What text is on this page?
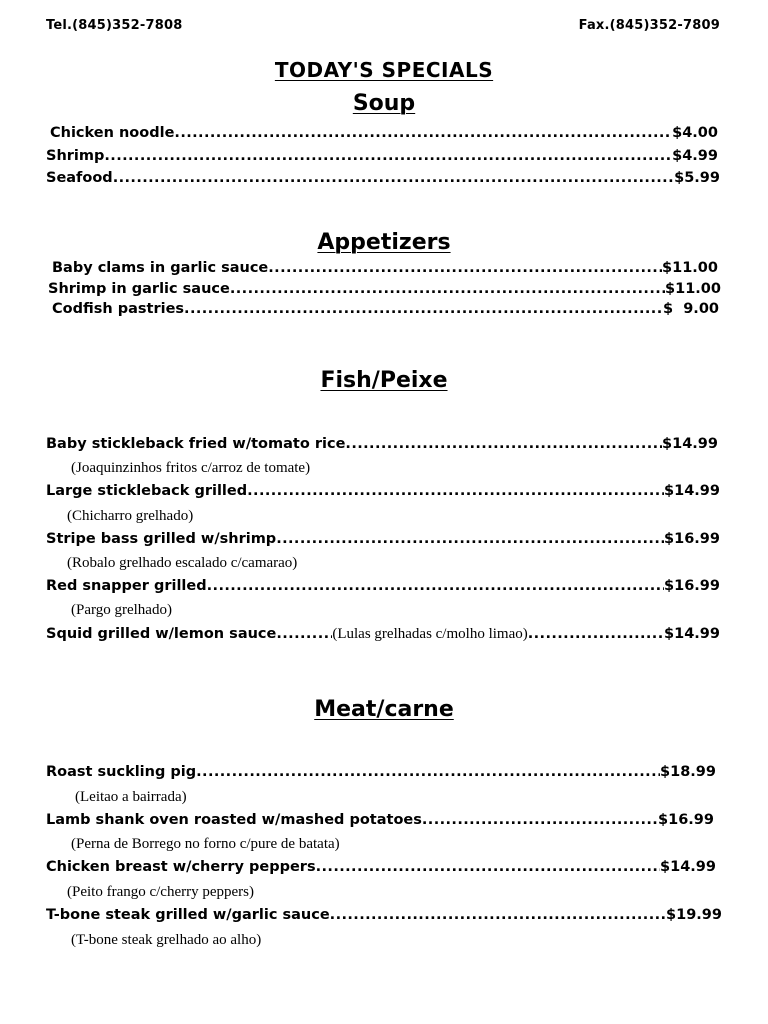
Tel.(845)352-7808	Fax.(845)352-7809
TODAY'S SPECIALS
Soup
Chicken noodle .....	$4.00
Shrimp .....	$4.99
Seafood .....	$5.99
Appetizers
Baby clams in garlic sauce .....	$11.00
Shrimp in garlic sauce .....	$11.00
Codfish pastries .....	$  9.00
Fish/Peixe
Baby stickleback fried w/tomato rice .....	$14.99
(Joaquinzinhos fritos c/arroz de tomate)
Large stickleback grilled .....	$14.99
(Chicharro grelhado)
Stripe bass grilled w/shrimp .....	$16.99
(Robalo grelhado escalado c/camarao)
Red snapper grilled .....	$16.99
(Pargo grelhado)
Squid grilled w/lemon sauce .....	(Lulas grelhadas c/molho limao) .....	$14.99
Meat/carne
Roast suckling pig .....	$18.99
(Leitao a bairrada)
Lamb shank oven roasted w/mashed potatoes .....	$16.99
(Perna de Borrego no forno c/pure de batata)
Chicken breast w/cherry peppers .....	$14.99
(Peito frango c/cherry peppers)
T-bone steak grilled w/garlic sauce .....	$19.99
(T-bone steak grelhado ao alho)
